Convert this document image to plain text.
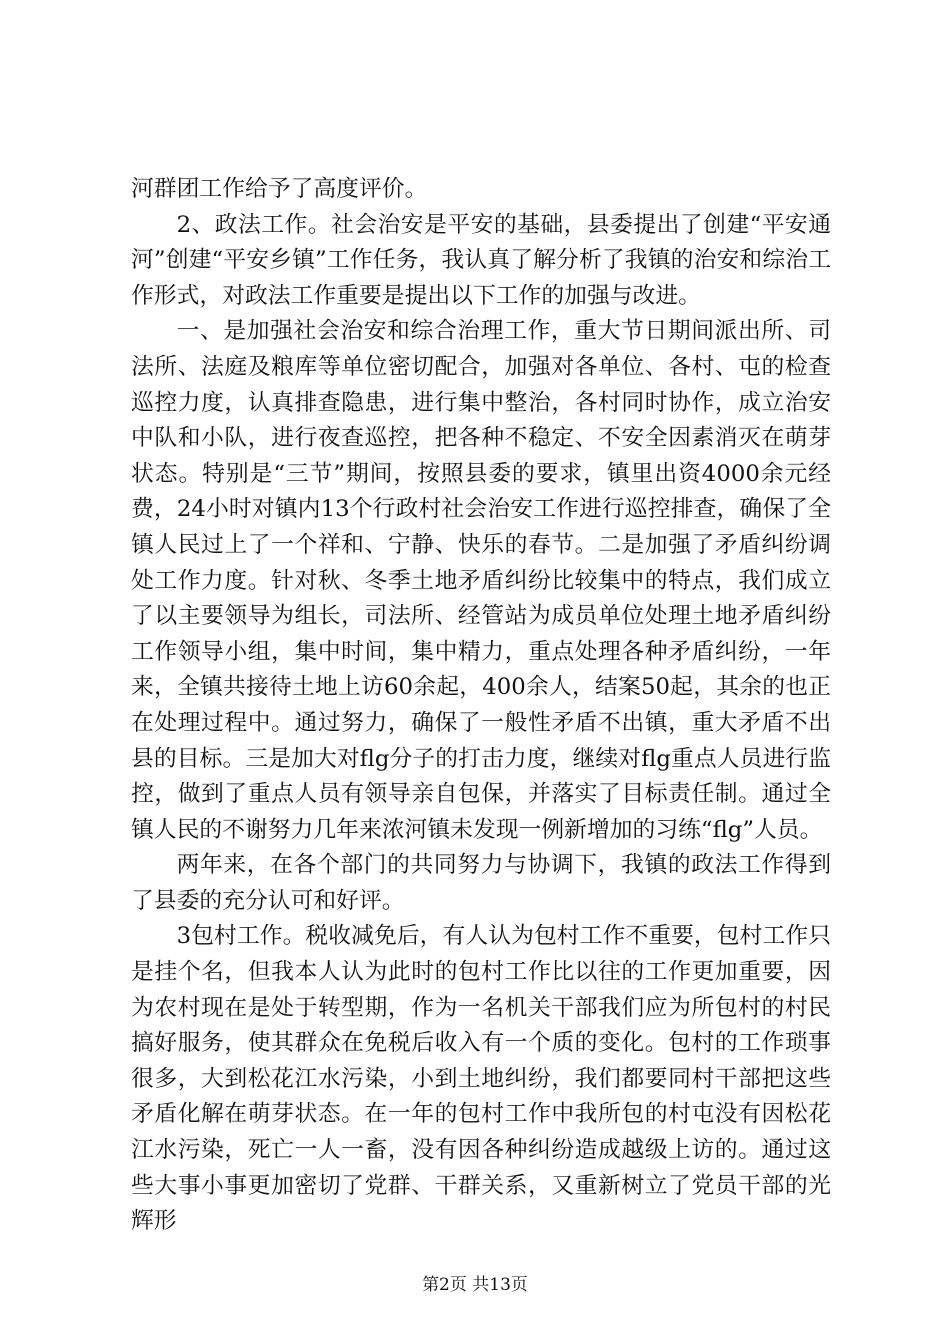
河群团工作给予了高度评价。

2、政法工作。社会治安是平安的基础，县委提出了创建“平安通河”创建“平安乡镇”工作任务，我认真了解分析了我镇的治安和综治工作形式，对政法工作重要是提出以下工作的加强与改进。

一、是加强社会治安和综合治理工作，重大节日期间派出所、司法所、法庭及粮库等单位密切配合，加强对各单位、各村、屯的检查巡控力度，认真排查隐患，进行集中整治，各村同时协作，成立治安中队和小队，进行夜查巡控，把各种不稳定、不安全因素消灭在萌芽状态。特别是“三节”期间，按照县委的要求，镇里出资4000余元经费，24小时对镇内13个行政村社会治安工作进行巡控排查，确保了全镇人民过上了一个祥和、宁静、快乐的春节。二是加强了矛盾纠纷调处工作力度。针对秋、冬季土地矛盾纠纷比较集中的特点，我们成立了以主要领导为组长，司法所、经管站为成员单位处理土地矛盾纠纷工作领导小组，集中时间，集中精力，重点处理各种矛盾纠纷，一年来，全镇共接待土地上访60余起，400余人，结案50起，其余的也正在处理过程中。通过努力，确保了一般性矛盾不出镇，重大矛盾不出县的目标。三是加大对flg分子的打击力度，继续对flg重点人员进行监控，做到了重点人员有领导亲自包保，并落实了目标责任制。通过全镇人民的不谢努力几年来浓河镇未发现一例新增加的习练“flg”人员。

两年来，在各个部门的共同努力与协调下，我镇的政法工作得到了县委的充分认可和好评。

3包村工作。税收减免后，有人认为包村工作不重要，包村工作只是挂个名，但我本人认为此时的包村工作比以往的工作更加重要，因为农村现在是处于转型期，作为一名机关干部我们应为所包村的村民搞好服务，使其群众在免税后收入有一个质的变化。包村的工作琐事很多，大到松花江水污染，小到土地纠纷，我们都要同村干部把这些矛盾化解在萌芽状态。在一年的包村工作中我所包的村屯没有因松花江水污染，死亡一人一畜，没有因各种纠纷造成越级上访的。通过这些大事小事更加密切了党群、干群关系，又重新树立了党员干部的光辉形

第2页 共13页
